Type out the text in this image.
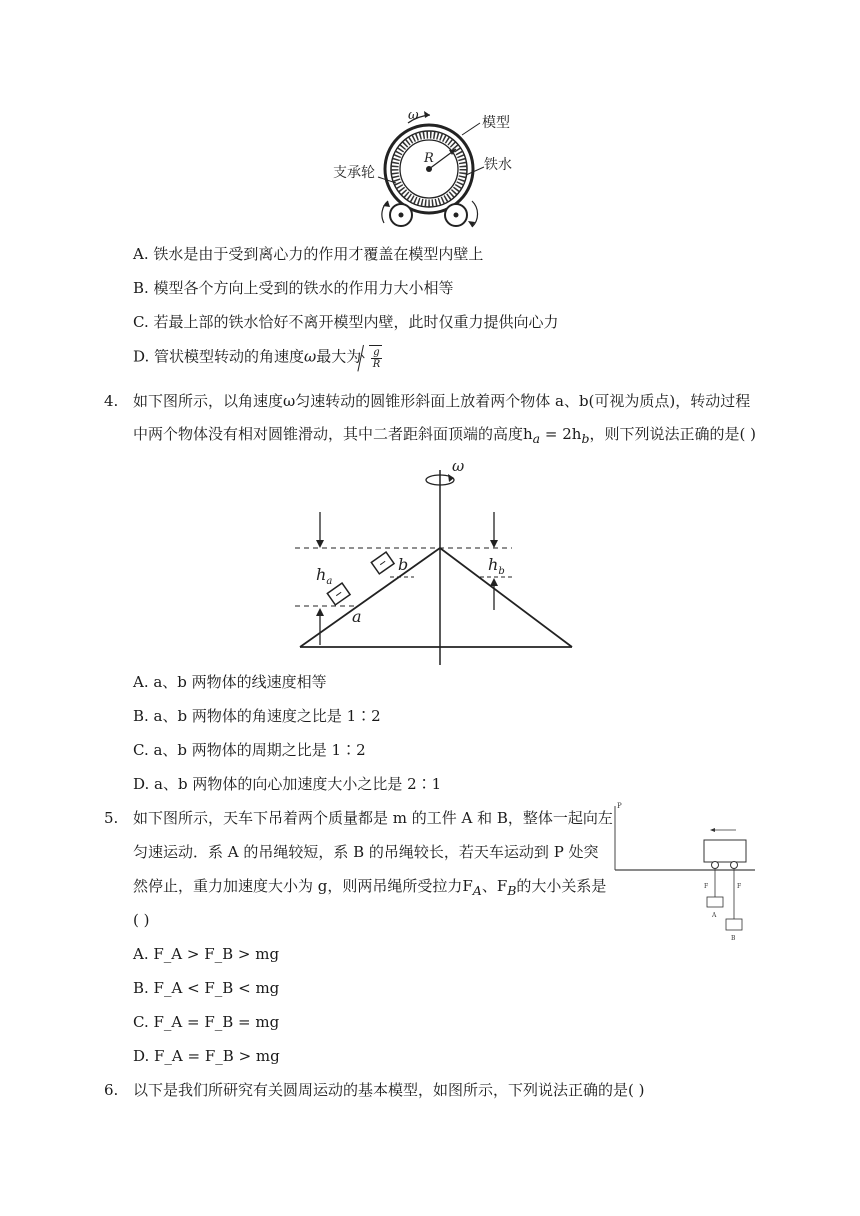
ω
R
模型
铁水
支承轮
A. 铁水是由于受到离心力的作用才覆盖在模型内壁上
B. 模型各个方向上受到的铁水的作用力大小相等
C. 若最上部的铁水恰好不离开模型内壁，此时仅重力提供向心力
D. 管状模型转动的角速度ω最大为 $\frac{g}{R}$
4. 如下图所示，以角速度ω匀速转动的圆锥形斜面上放着两个物体 a、b(可视为质点)，转动过程
中两个物体没有相对圆锥滑动，其中二者距斜面顶端的高度$h_a = 2h_b$，则下列说法正确的是( )
ω
$h_a$
$h_b$
a
b
A. a、b 两物体的线速度相等
B. a、b 两物体的角速度之比是 1∶2
C. a、b 两物体的周期之比是 1∶2
D. a、b 两物体的向心加速度大小之比是 2∶1
5. 如下图所示，天车下吊着两个质量都是 m 的工件 A 和 B，整体一起向左
匀速运动．系 A 的吊绳较短，系 B 的吊绳较长，若天车运动到 P 处突
然停止，重力加速度大小为 g，则两吊绳所受拉力$F_A$、$F_B$的大小关系是
( )
P
F	F
A
B
A. F_A > F_B > mg
B. F_A < F_B < mg
C. F_A = F_B = mg
D. F_A = F_B > mg
6. 以下是我们所研究有关圆周运动的基本模型，如图所示，下列说法正确的是( )
